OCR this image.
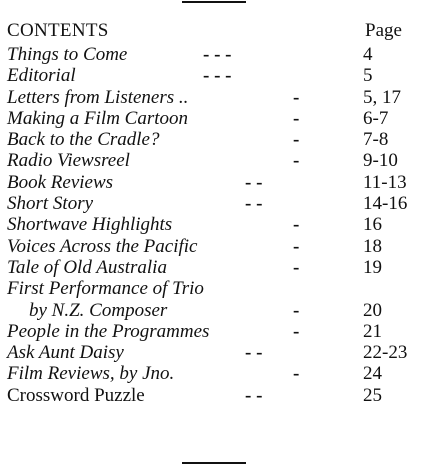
CONTENTS	Page
Things to Come	- - -	4
Editorial	- - -	5
Letters from Listeners ..	-	5, 17
Making a Film Cartoon	-	6-7
Back to the Cradle?	-	7-8
Radio Viewsreel	-	9-10
Book Reviews	- -	11-13
Short Story	- -	14-16
Shortwave Highlights	-	16
Voices Across the Pacific	-	18
Tale of Old Australia	-	19
First Performance of Trio
by N.Z. Composer	-	20
People in the Programmes	-	21
Ask Aunt Daisy	- -	22-23
Film Reviews, by Jno.	-	24
Crossword Puzzle	- -	25
